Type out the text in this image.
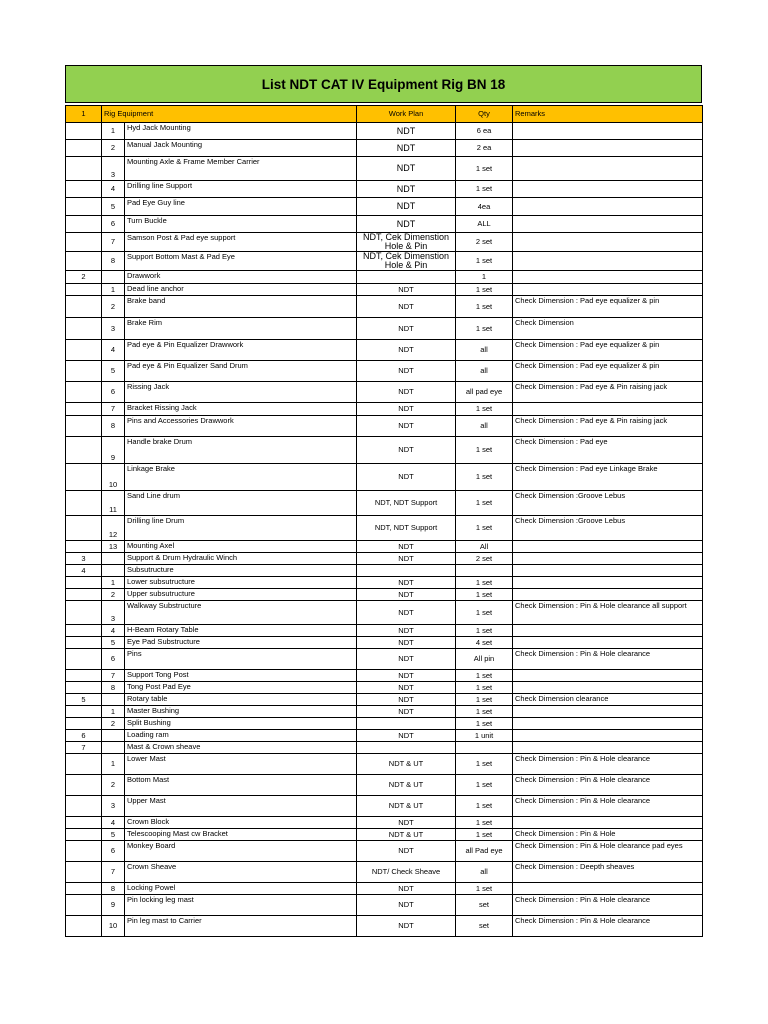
List NDT CAT IV Equipment Rig BN 18
1	Rig Equipment		Work Plan	Qty	Remarks
	1	Hyd Jack Mounting	NDT	6 ea	
	2	Manual Jack Mounting	NDT	2 ea	
	3	Mounting Axle & Frame Member Carrier	NDT	1 set	
	4	Drilling line Support	NDT	1 set	
	5	Pad Eye Guy line	NDT	4ea	
	6	Turn Buckle	NDT	ALL	
	7	Samson Post & Pad eye support	NDT, Cek Dimenstion Hole & Pin	2 set	
	8	Support Bottom Mast & Pad Eye	NDT, Cek Dimenstion Hole & Pin	1 set	
2		Drawwork		1	
	1	Dead line anchor	NDT	1 set	
	2	Brake band	NDT	1 set	Check Dimension : Pad eye equalizer & pin
	3	Brake Rim	NDT	1 set	Check Dimension
	4	Pad eye & Pin Equalizer Drawwork	NDT	all	Check Dimension : Pad eye equalizer & pin
	5	Pad eye & Pin Equalizer Sand Drum	NDT	all	Check Dimension : Pad eye equalizer & pin
	6	Rissing Jack	NDT	all pad eye	Check Dimension : Pad eye & Pin raising jack
	7	Bracket Rissing Jack	NDT	1 set	
	8	Pins and Accessories Drawwork	NDT	all	Check Dimension : Pad eye & Pin raising jack
	9	Handle brake Drum	NDT	1 set	Check Dimension : Pad eye
	10	Linkage Brake	NDT	1 set	Check Dimension : Pad eye Linkage Brake
	11	Sand Line drum	NDT, NDT Support	1 set	Check Dimension :Groove Lebus
	12	Drilling line Drum	NDT, NDT Support	1 set	Check Dimension :Groove Lebus
	13	Mounting Axel	NDT	All	
3		Support & Drum Hydraulic Winch	NDT	2 set	
4		Subsutructure			
	1	Lower subsutructure	NDT	1 set	
	2	Upper subsutructure	NDT	1 set	
	3	Walkway Substructure	NDT	1 set	Check Dimension : Pin & Hole clearance all support
	4	H-Beam Rotary Table	NDT	1 set	
	5	Eye Pad Substructure	NDT	4 set	
	6	Pins	NDT	All pin	Check Dimension : Pin & Hole clearance
	7	Support Tong Post	NDT	1 set	
	8	Tong Post Pad Eye	NDT	1 set	
5		Rotary table	NDT	1 set	Check Dimension clearance
	1	Master Bushing	NDT	1 set	
	2	Split Bushing		1 set	
6		Loading ram	NDT	1 unit	
7		Mast & Crown sheave			
	1	Lower Mast	NDT & UT	1 set	Check Dimension : Pin & Hole clearance
	2	Bottom Mast	NDT & UT	1 set	Check Dimension : Pin & Hole clearance
	3	Upper Mast	NDT & UT	1 set	Check Dimension : Pin & Hole clearance
	4	Crown Block	NDT	1 set	
	5	Telescooping Mast cw Bracket	NDT & UT	1 set	Check Dimension : Pin & Hole
	6	Monkey Board	NDT	all Pad eye	Check Dimension : Pin & Hole clearance pad eyes
	7	Crown Sheave	NDT/ Check Sheave	all	Check Dimension : Deepth sheaves
	8	Locking Powel	NDT	1 set	
	9	Pin locking leg mast	NDT	set	Check Dimension : Pin & Hole clearance
	10	Pin leg mast to Carrier	NDT	set	Check Dimension : Pin & Hole clearance
